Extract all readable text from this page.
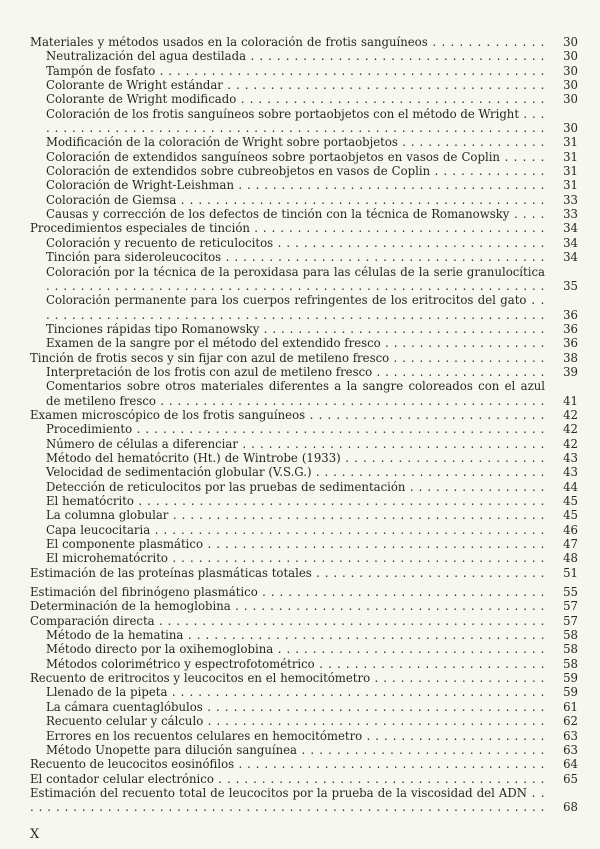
Materiales y métodos usados en la coloración de frotis sanguíneos . . .	30
Neutralización del agua destilada . . .	30
Tampón de fosfato . . .	30
Colorante de Wright estándar . . .	30
Colorante de Wright modificado . . .	30
Coloración de los frotis sanguíneos sobre portaobjetos con el método de Wright . . .
30
Modificación de la coloración de Wright sobre portaobjetos . . .	31
Coloración de extendidos sanguíneos sobre portaobjetos en vasos de Coplin . . .	31
Coloración de extendidos sobre cubreobjetos en vasos de Coplin . . .	31
Coloración de Wright-Leishman . . .	31
Coloración de Giemsa . . .	33
Causas y corrección de los defectos de tinción con la técnica de Romanowsky . . .	33
Procedimientos especiales de tinción . . .	34
Coloración y recuento de reticulocitos . . .	34
Tinción para sideroleucocitos . . .	34
Coloración por la técnica de la peroxidasa para las células de la serie granulocítica . . .
35
Coloración permanente para los cuerpos refringentes de los eritrocitos del gato . . .
36
Tinciones rápidas tipo Romanowsky . . .	36
Examen de la sangre por el método del extendido fresco . . .	36
Tinción de frotis secos y sin fijar con azul de metileno fresco . . .	38
Interpretación de los frotis con azul de metileno fresco . . .	39
Comentarios sobre otros materiales diferentes a la sangre coloreados con el azul de metileno fresco . . .	41
Examen microscópico de los frotis sanguíneos . . .	42
Procedimiento . . .	42
Número de células a diferenciar . . .	42
Método del hematócrito (Ht.) de Wintrobe (1933) . . .	43
Velocidad de sedimentación globular (V.S.G.) . . .	43
Detección de reticulocitos por las pruebas de sedimentación . . .	44
El hematócrito . . .	45
La columna globular . . .	45
Capa leucocitaria . . .	46
El componente plasmático . . .	47
El microhematócrito . . .	48
Estimación de las proteínas plasmáticas totales . . .	51
Estimación del fibrinógeno plasmático . . .	55
Determinación de la hemoglobina . . .	57
Comparación directa . . .	57
Método de la hematina . . .	58
Método directo por la oxihemoglobina . . .	58
Métodos colorimétrico y espectrofotométrico . . .	58
Recuento de eritrocitos y leucocitos en el hemocitómetro . . .	59
Llenado de la pipeta . . .	59
La cámara cuentaglóbulos . . .	61
Recuento celular y cálculo . . .	62
Errores en los recuentos celulares en hemocitómetro . . .	63
Método Unopette para dilución sanguínea . . .	63
Recuento de leucocitos eosinófilos . . .	64
El contador celular electrónico . . .	65
Estimación del recuento total de leucocitos por la prueba de la viscosidad del ADN . . .
68
X
